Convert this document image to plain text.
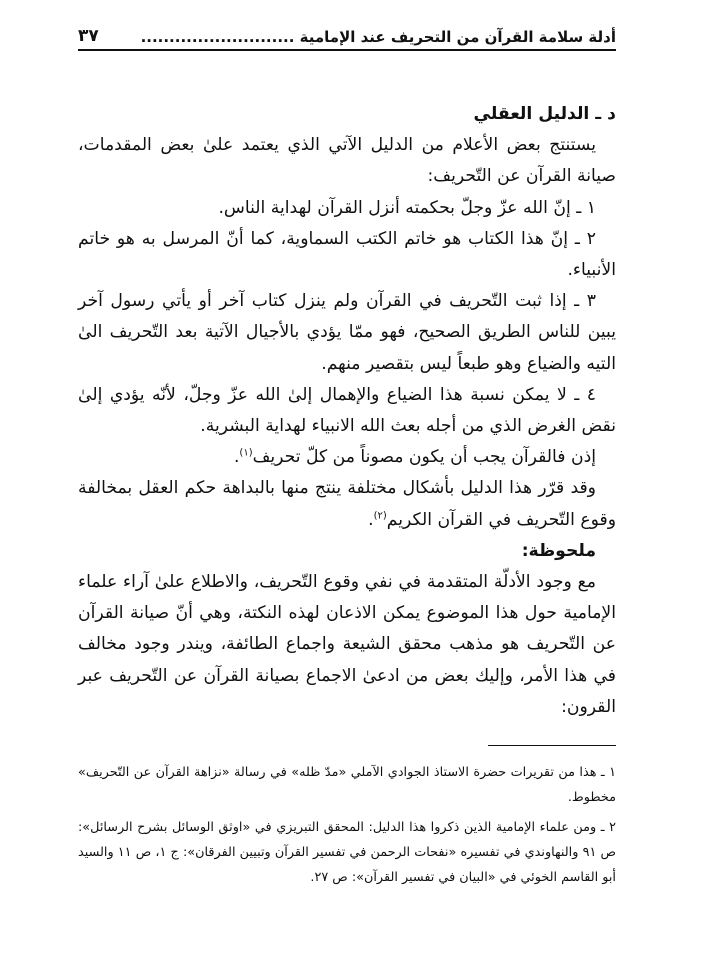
أدلة سلامة القرآن من التحريف عند الإمامية ...........................
٣٧

د ـ الدليل العقلي

يستنتج بعض الأعلام من الدليل الآتي الذي يعتمد علىٰ بعض المقدمات، صيانة القرآن عن التّحريف:

١ ـ إنّ الله عزّ وجلّ بحكمته أنزل القرآن لهداية الناس.

٢ ـ إنّ هذا الكتاب هو خاتم الكتب السماوية، كما أنّ المرسل به هو خاتم الأنبياء.

٣ ـ إذا ثبت التّحريف في القرآن ولم ينزل كتاب آخر أو يأتي رسول آخر يبين للناس الطريق الصحيح، فهو ممّا يؤدي بالأجيال الآتية بعد التّحريف الىٰ التيه والضياع وهو طبعاً ليس بتقصير منهم.

٤ ـ لا يمكن نسبة هذا الضياع والإهمال إلىٰ الله عزّ وجلّ، لأنّه يؤدي إلىٰ نقض الغرض الذي من أجله بعث الله الانبياء لهداية البشرية.

إذن فالقرآن يجب أن يكون مصوناً من كلّ تحريف$^{(١)}$.

وقد قرّر هذا الدليل بأشكال مختلفة ينتج منها بالبداهة حكم العقل بمخالفة وقوع التّحريف في القرآن الكريم$^{(٢)}$.

ملحوظة:

مع وجود الأدلّة المتقدمة في نفي وقوع التّحريف، والاطلاع علىٰ آراء علماء الإمامية حول هذا الموضوع يمكن الاذعان لهذه النكتة، وهي أنّ صيانة القرآن عن التّحريف هو مذهب محقق الشيعة واجماع الطائفة، ويندر وجود مخالف في هذا الأمر، وإليك بعض من ادعىٰ الاجماع بصيانة القرآن عن التّحريف عبر القرون:

١ ـ هذا من تقريرات حضرة الاستاذ الجوادي الآملي «مدّ ظله» في رسالة «نزاهة القرآن عن التّحريف» مخطوط.

٢ ـ ومن علماء الإمامية الذين ذكروا هذا الدليل: المحقق التبريزي في «اوثق الوسائل بشرح الرسائل»: ص ٩١ والنهاوندي في تفسيره «نفحات الرحمن في تفسير القرآن وتبيين الفرقان»: ج ١، ص ١١ والسيد أبو القاسم الخوئي في «البيان في تفسير القرآن»: ص ٢٧.
